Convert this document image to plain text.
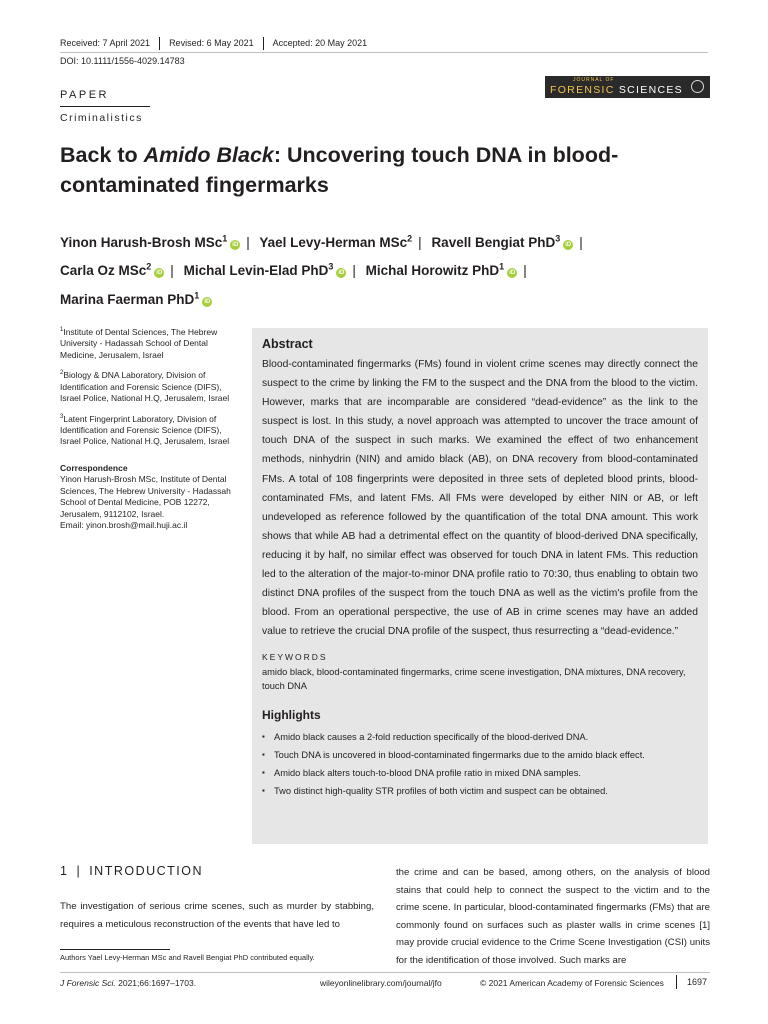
Received: 7 April 2021	Revised: 6 May 2021	Accepted: 20 May 2021
DOI: 10.1111/1556-4029.14783
JOURNAL OF
FORENSIC SCIENCES
PAPER
Criminalistics
Back to Amido Black: Uncovering touch DNA in blood-contaminated fingermarks
Yinon Harush-Brosh MSc$^1$iD | Yael Levy-Herman MSc$^2$ | Ravell Bengiat PhD$^3$iD |
Carla Oz MSc$^2$iD | Michal Levin-Elad PhD$^3$iD | Michal Horowitz PhD$^1$iD |
Marina Faerman PhD$^1$iD
$^1$Institute of Dental Sciences, The Hebrew University - Hadassah School of Dental Medicine, Jerusalem, Israel
$^2$Biology & DNA Laboratory, Division of Identification and Forensic Science (DIFS), Israel Police, National H.Q, Jerusalem, Israel
$^3$Latent Fingerprint Laboratory, Division of Identification and Forensic Science (DIFS), Israel Police, National H.Q, Jerusalem, Israel
Correspondence
Yinon Harush-Brosh MSc, Institute of Dental Sciences, The Hebrew University - Hadassah School of Dental Medicine, POB 12272, Jerusalem, 9112102, Israel.
Email: yinon.brosh@mail.huji.ac.il
Abstract

Blood-contaminated fingermarks (FMs) found in violent crime scenes may directly connect the suspect to the crime by linking the FM to the suspect and the DNA from the blood to the victim. However, marks that are incomparable are considered “dead-evidence” as the link to the suspect is lost. In this study, a novel approach was attempted to uncover the trace amount of touch DNA of the suspect in such marks. We examined the effect of two enhancement methods, ninhydrin (NIN) and amido black (AB), on DNA recovery from blood-contaminated FMs. A total of 108 fingerprints were deposited in three sets of depleted blood prints, blood-contaminated FMs, and latent FMs. All FMs were developed by either NIN or AB, or left undeveloped as reference followed by the quantification of the total DNA amount. This work shows that while AB had a detrimental effect on the quantity of blood-derived DNA specifically, reducing it by half, no similar effect was observed for touch DNA in latent FMs. This reduction led to the alteration of the major-to-minor DNA profile ratio to 70:30, thus enabling to obtain two distinct DNA profiles of the suspect from the touch DNA as well as the victim's profile from the blood. From an operational perspective, the use of AB in crime scenes may have an added value to retrieve the crucial DNA profile of the suspect, thus resurrecting a “dead-evidence.”

KEYWORDS
amido black, blood-contaminated fingermarks, crime scene investigation, DNA mixtures, DNA recovery, touch DNA
Highlights
▪ Amido black causes a 2-fold reduction specifically of the blood-derived DNA.
▪ Touch DNA is uncovered in blood-contaminated fingermarks due to the amido black effect.
▪ Amido black alters touch-to-blood DNA profile ratio in mixed DNA samples.
▪ Two distinct high-quality STR profiles of both victim and suspect can be obtained.
1 | INTRODUCTION

The investigation of serious crime scenes, such as murder by stabbing, requires a meticulous reconstruction of the events that have led to

the crime and can be based, among others, on the analysis of blood stains that could help to connect the suspect to the victim and to the crime scene. In particular, blood-contaminated fingermarks (FMs) that are commonly found on surfaces such as plaster walls in crime scenes [1] may provide crucial evidence to the Crime Scene Investigation (CSI) units for the identification of those involved. Such marks are

Authors Yael Levy-Herman MSc and Ravell Bengiat PhD contributed equally.
J Forensic Sci. 2021;66:1697–1703.	wileyonlinelibrary.com/journal/jfo	© 2021 American Academy of Forensic Sciences	1697
